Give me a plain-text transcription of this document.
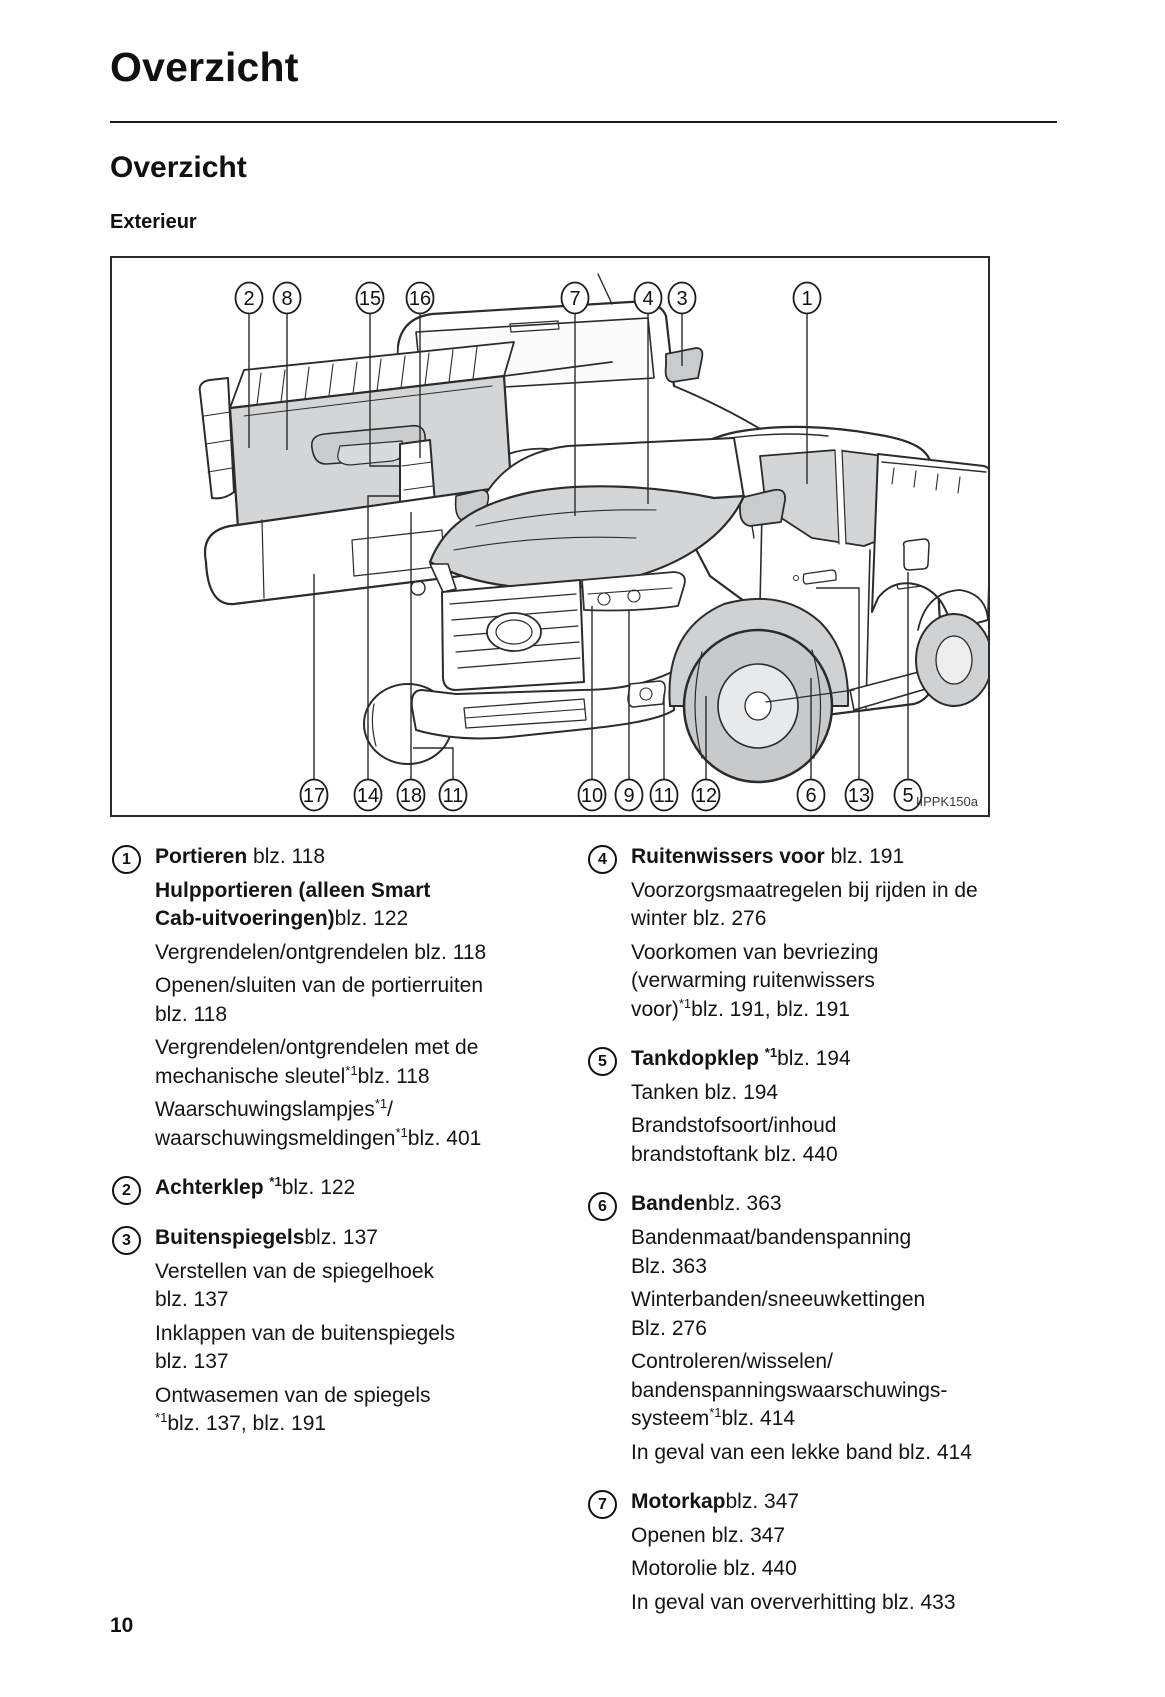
Overzicht
Overzicht
Exterieur
2 8	15 16	7	4 3	1
17 14 18 11	10 9 11 12	6 13 5 IIPPK150a
1	Portieren blz. 118
Hulpportieren (alleen Smart
Cab-uitvoeringen)blz. 122
Vergrendelen/ontgrendelen blz. 118
Openen/sluiten van de portierruiten
blz. 118
Vergrendelen/ontgrendelen met de
mechanische sleutel$^{*1}$blz. 118
Waarschuwingslampjes$^{*1}$/
waarschuwingsmeldingen$^{*1}$blz. 401
2	Achterklep $^{*1}$blz. 122
3	Buitenspiegelsblz. 137
Verstellen van de spiegelhoek
blz. 137
Inklappen van de buitenspiegels
blz. 137
Ontwasemen van de spiegels
$^{*1}$blz. 137, blz. 191
4	Ruitenwissers voor blz. 191
Voorzorgsmaatregelen bij rijden in de
winter blz. 276
Voorkomen van bevriezing
(verwarming ruitenwissers
voor)$^{*1}$blz. 191, blz. 191
5	Tankdopklep $^{*1}$blz. 194
Tanken blz. 194
Brandstofsoort/inhoud
brandstoftank blz. 440
6	Bandenblz. 363
Bandenmaat/bandenspanning
Blz. 363
Winterbanden/sneeuwkettingen
Blz. 276
Controleren/wisselen/
bandenspanningswaarschuwings-
systeem$^{*1}$blz. 414
In geval van een lekke band blz. 414
7	Motorkapblz. 347
Openen blz. 347
Motorolie blz. 440
In geval van oververhitting blz. 433
10
